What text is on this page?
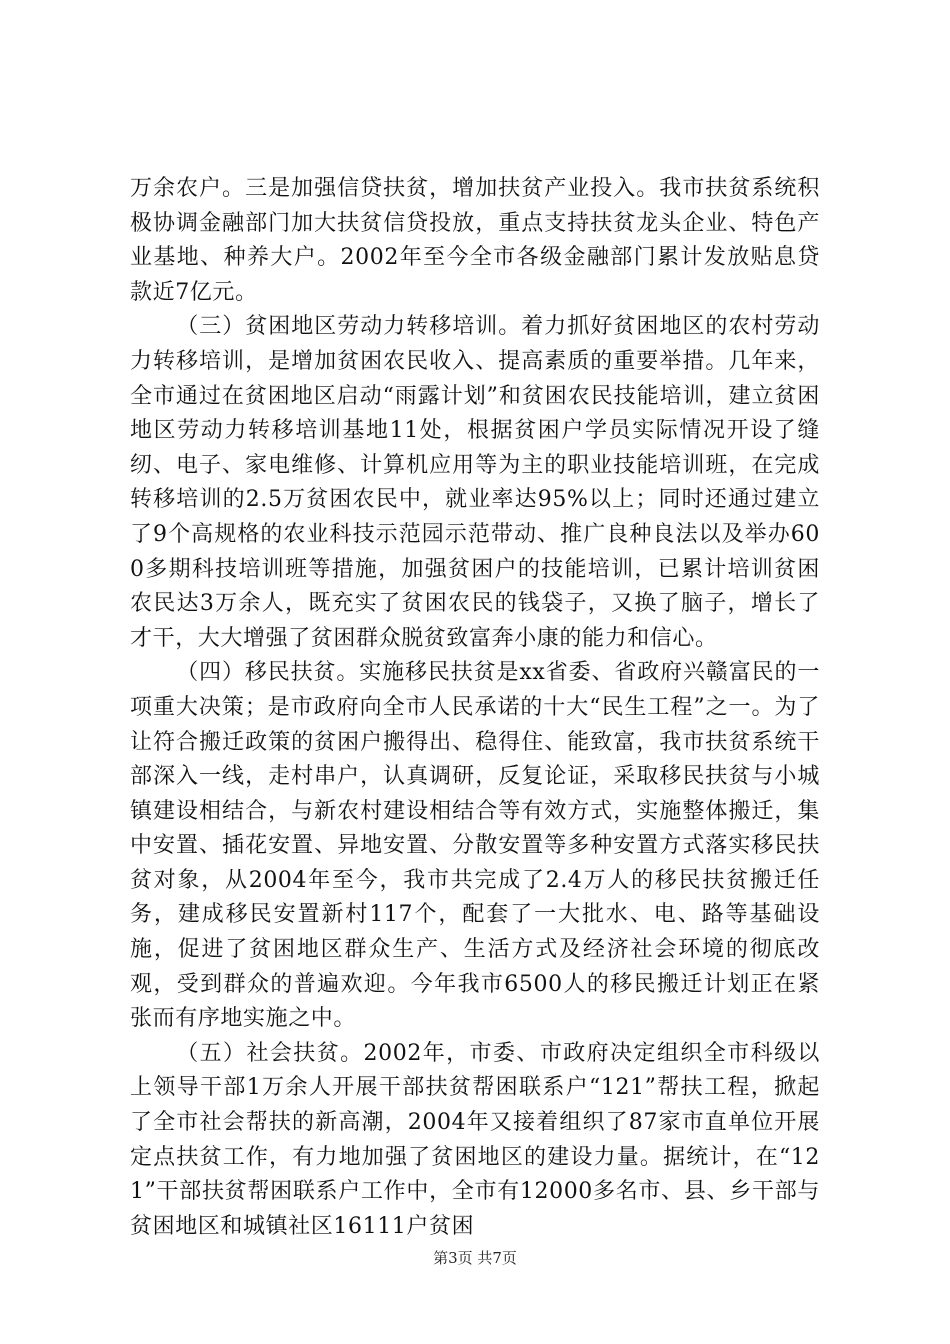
万余农户。三是加强信贷扶贫，增加扶贫产业投入。我市扶贫系统积极协调金融部门加大扶贫信贷投放，重点支持扶贫龙头企业、特色产业基地、种养大户。2002年至今全市各级金融部门累计发放贴息贷款近7亿元。

（三）贫困地区劳动力转移培训。着力抓好贫困地区的农村劳动力转移培训，是增加贫困农民收入、提高素质的重要举措。几年来，全市通过在贫困地区启动“雨露计划”和贫困农民技能培训，建立贫困地区劳动力转移培训基地11处，根据贫困户学员实际情况开设了缝纫、电子、家电维修、计算机应用等为主的职业技能培训班，在完成转移培训的2.5万贫困农民中，就业率达95%以上；同时还通过建立了9个高规格的农业科技示范园示范带动、推广良种良法以及举办600多期科技培训班等措施，加强贫困户的技能培训，已累计培训贫困农民达3万余人，既充实了贫困农民的钱袋子，又换了脑子，增长了才干，大大增强了贫困群众脱贫致富奔小康的能力和信心。

（四）移民扶贫。实施移民扶贫是xx省委、省政府兴赣富民的一项重大决策；是市政府向全市人民承诺的十大“民生工程”之一。为了让符合搬迁政策的贫困户搬得出、稳得住、能致富，我市扶贫系统干部深入一线，走村串户，认真调研，反复论证，采取移民扶贫与小城镇建设相结合，与新农村建设相结合等有效方式，实施整体搬迁，集中安置、插花安置、异地安置、分散安置等多种安置方式落实移民扶贫对象，从2004年至今，我市共完成了2.4万人的移民扶贫搬迁任务，建成移民安置新村117个，配套了一大批水、电、路等基础设施，促进了贫困地区群众生产、生活方式及经济社会环境的彻底改观，受到群众的普遍欢迎。今年我市6500人的移民搬迁计划正在紧张而有序地实施之中。

（五）社会扶贫。2002年，市委、市政府决定组织全市科级以上领导干部1万余人开展干部扶贫帮困联系户“121”帮扶工程，掀起了全市社会帮扶的新高潮，2004年又接着组织了87家市直单位开展定点扶贫工作，有力地加强了贫困地区的建设力量。据统计，在“121”干部扶贫帮困联系户工作中，全市有12000多名市、县、乡干部与贫困地区和城镇社区16111户贫困

第3页 共7页
